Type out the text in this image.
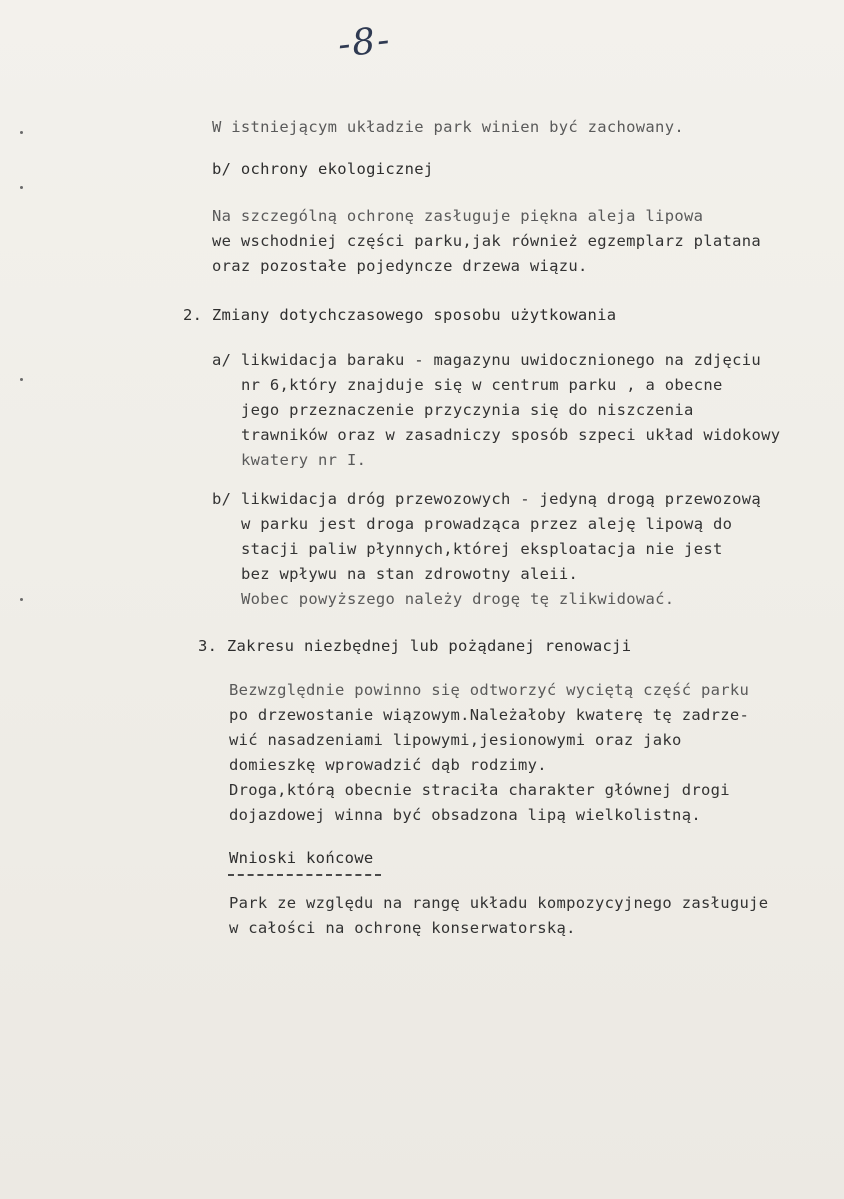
-8-
W istniejącym układzie park winien być zachowany.
b/ ochrony ekologicznej
Na szczególną ochronę zasługuje piękna aleja lipowa
we wschodniej części parku,jak również egzemplarz platana
oraz pozostałe pojedyncze drzewa wiązu.
2. Zmiany dotychczasowego sposobu użytkowania
a/ likwidacja baraku - magazynu uwidocznionego na zdjęciu
nr 6,który znajduje się w centrum parku , a obecne
jego przeznaczenie przyczynia się do niszczenia
trawników oraz w zasadniczy sposób szpeci układ widokowy
kwatery nr I.
b/ likwidacja dróg przewozowych - jedyną drogą przewozową
w parku jest droga prowadząca przez aleję lipową do
stacji paliw płynnych,której eksploatacja nie jest
bez wpływu na stan zdrowotny aleii.
Wobec powyższego należy drogę tę zlikwidować.
3. Zakresu niezbędnej lub pożądanej renowacji
Bezwzględnie powinno się odtworzyć wyciętą część parku
po drzewostanie wiązowym.Należałoby kwaterę tę zadrze-
wić nasadzeniami lipowymi,jesionowymi oraz jako
domieszkę wprowadzić dąb rodzimy.
Droga,którą obecnie straciła charakter głównej drogi
dojazdowej winna być obsadzona lipą wielkolistną.
Wnioski końcowe
Park ze względu na rangę układu kompozycyjnego zasługuje
w całości na ochronę konserwatorską.
